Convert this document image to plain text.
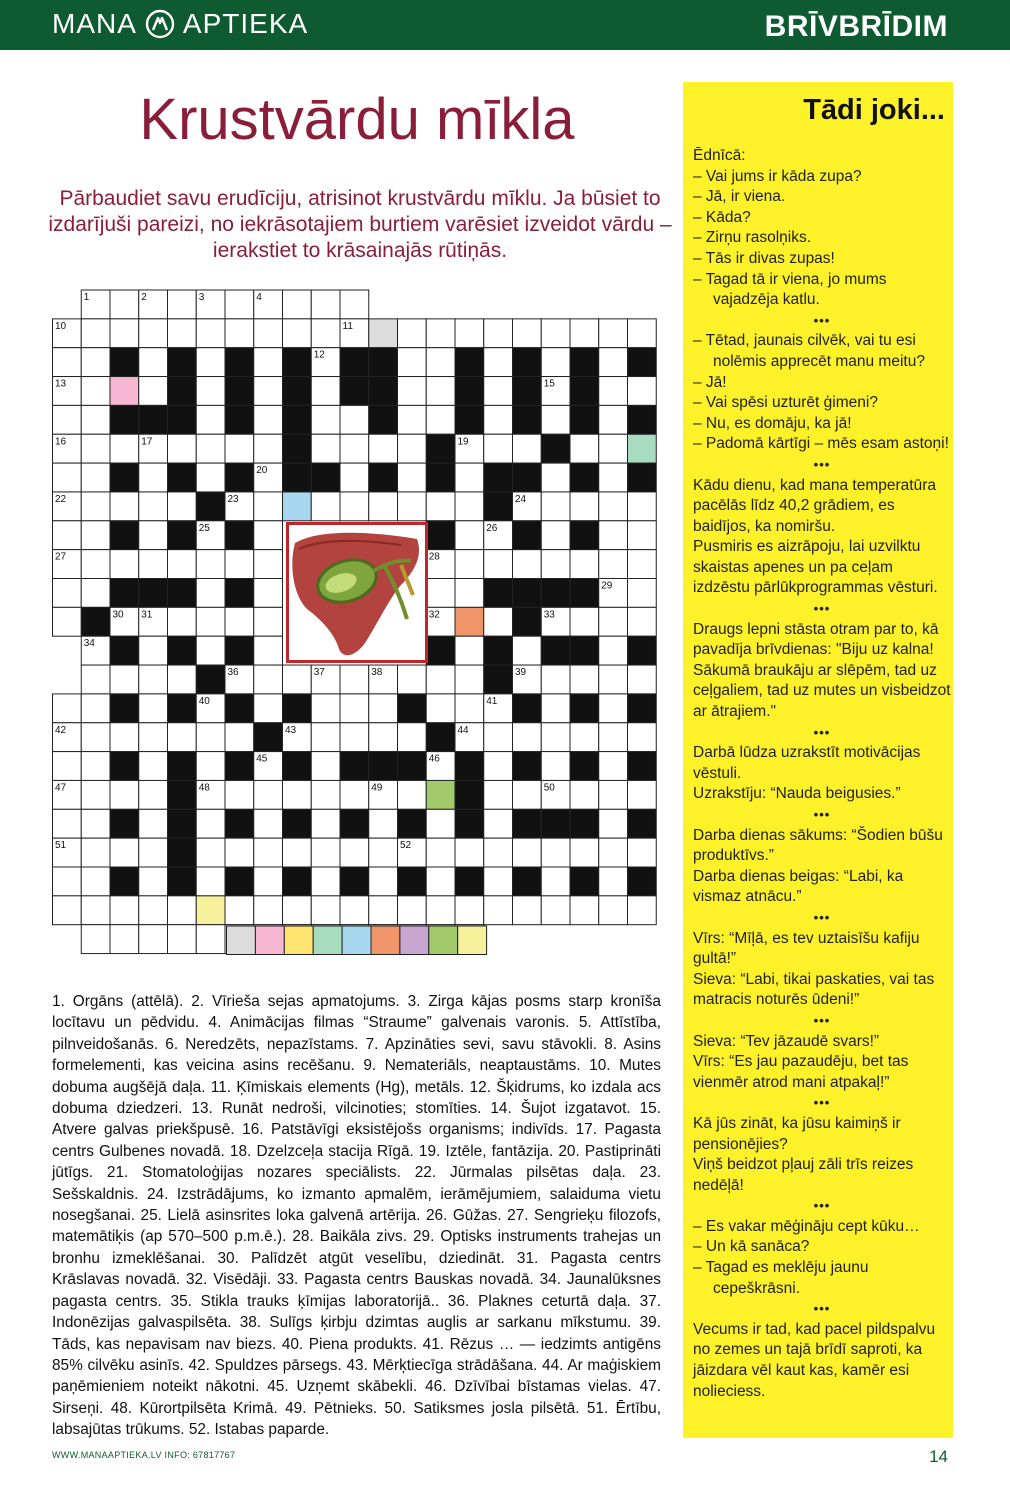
MANA APTIEKA	BRĪVBRĪDIM
Krustvārdu mīkla
Pārbaudiet savu erudīciju, atrisinot krustvārdu mīklu. Ja būsiet to izdarījuši pareizi, no iekrāsotajiem burtiem varēsiet izveidot vārdu – ierakstiet to krāsainajās rūtiņās.
1	2	3	4
10	11
12
13	15
16	17	19
20
22	23	24
25	26
27	28
29
30 31	32	33
34
36	37	38	39
40	41
42	43	44
45	46
47	48	49	50
51	52
1. Orgāns (attēlā). 2. Vīrieša sejas apmatojums. 3. Zirga kājas posms starp kronīša locītavu un pēdvidu. 4. Animācijas filmas “Straume” galvenais varonis. 5. Attīstība, pilnveidošanās. 6. Neredzēts, nepazīstams. 7. Apzināties sevi, savu stāvokli. 8. Asins formelementi, kas veicina asins recēšanu. 9. Nemateriāls, neaptaustāms. 10. Mutes dobuma augšējā daļa. 11. Ķīmiskais elements (Hg), metāls. 12. Šķidrums, ko izdala acs dobuma dziedzeri. 13. Runāt nedroši, vilcinoties; stomīties. 14. Šujot izgatavot. 15. Atvere galvas priekšpusē. 16. Patstāvīgi eksistējošs organisms; indivīds. 17. Pagasta centrs Gulbenes novadā. 18. Dzelzceļa stacija Rīgā. 19. Iztēle, fantāzija. 20. Pastiprināti jūtīgs. 21. Stomatoloģijas nozares speciālists. 22. Jūrmalas pilsētas daļa. 23. Sešskaldnis. 24. Izstrādājums, ko izmanto apmalēm, ierāmējumiem, salaiduma vietu nosegšanai. 25. Lielā asinsrites loka galvenā artērija. 26. Gūžas. 27. Sengrieķu filozofs, matemātiķis (ap 570–500 p.m.ē.). 28. Baikāla zivs. 29. Optisks instruments trahejas un bronhu izmeklēšanai. 30. Palīdzēt atgūt veselību, dziedināt. 31. Pagasta centrs Krāslavas novadā. 32. Visēdāji. 33. Pagasta centrs Bauskas novadā. 34. Jaunalūksnes pagasta centrs. 35. Stikla trauks ķīmijas laboratorijā.. 36. Plaknes ceturtā daļa. 37. Indonēzijas galvaspilsēta. 38. Sulīgs ķirbju dzimtas auglis ar sarkanu mīkstumu. 39. Tāds, kas nepavisam nav biezs. 40. Piena produkts. 41. Rēzus … — iedzimts antigēns 85% cilvēku asinīs. 42. Spuldzes pārsegs. 43. Mērķtiecīga strādāšana. 44. Ar maģiskiem paņēmieniem noteikt nākotni. 45. Uzņemt skābekli. 46. Dzīvībai bīstamas vielas. 47. Sirseņi. 48. Kūrortpilsēta Krimā. 49. Pētnieks. 50. Satiksmes josla pilsētā. 51. Ērtību, labsajūtas trūkums. 52. Istabas paparde.
Tādi joki...

Ēdnīcā:

– Vai jums ir kāda zupa?

– Jā, ir viena.

– Kāda?

– Zirņu rasolņiks.

– Tās ir divas zupas!

– Tagad tā ir viena, jo mums vajadzēja katlu.

•••

– Tētad, jaunais cilvēk, vai tu esi nolēmis apprecēt manu meitu?

– Jā!

– Vai spēsi uzturēt ģimeni?

– Nu, es domāju, ka jā!

– Padomā kārtīgi – mēs esam astoņi!

•••

Kādu dienu, kad mana temperatūra pacēlās līdz 40,2 grādiem, es baidījos, ka nomiršu.

Pusmiris es aizrāpoju, lai uzvilktu skaistas apenes un pa ceļam izdzēstu pārlūkprogrammas vēsturi.

•••

Draugs lepni stāsta otram par to, kā pavadīja brīvdienas: "Biju uz kalna! Sākumā braukāju ar slēpēm, tad uz ceļgaliem, tad uz mutes un visbeidzot ar ātrajiem."

•••

Darbā lūdza uzrakstīt motivācijas vēstuli.

Uzrakstīju: “Nauda beigusies.”

•••

Darba dienas sākums: “Šodien būšu produktīvs.”

Darba dienas beigas: “Labi, ka vismaz atnācu.”

•••

Vīrs: “Mīļā, es tev uztaisīšu kafiju gultā!”

Sieva: “Labi, tikai paskaties, vai tas matracis noturēs ūdeni!”

•••

Sieva: “Tev jāzaudē svars!”

Vīrs: “Es jau pazaudēju, bet tas vienmēr atrod mani atpakaļ!”

•••

Kā jūs zināt, ka jūsu kaimiņš ir pensionējies?

Viņš beidzot pļauj zāli trīs reizes nedēļā!

•••

– Es vakar mēģināju cept kūku…

– Un kā sanāca?

– Tagad es meklēju jaunu cepeškrāsni.

•••

Vecums ir tad, kad pacel pildspalvu no zemes un tajā brīdī saproti, ka jāizdara vēl kaut kas, kamēr esi nolieciess.

WWW.MANAAPTIEKA.LV INFO: 67817767	14
